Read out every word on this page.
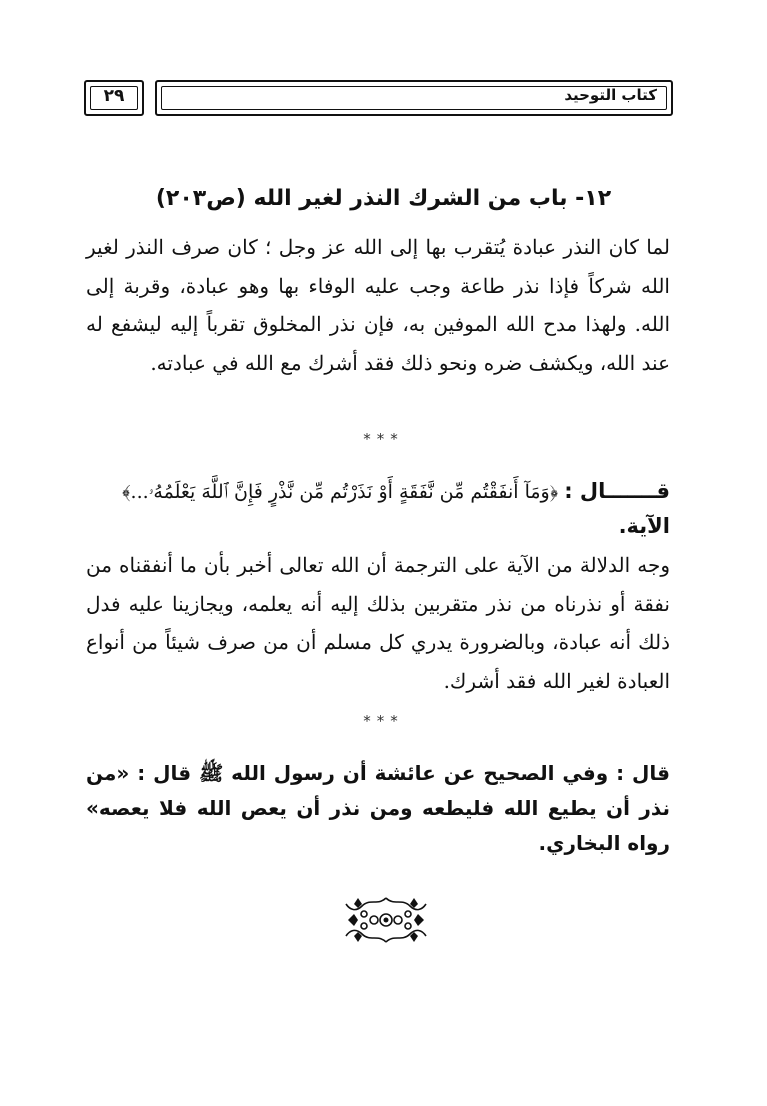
كتاب التوحيد
٢٩
١٢- باب من الشرك النذر لغير الله (ص٢٠٣)
لما كان النذر عبادة يُتقرب بها إلى الله عز وجل ؛ كان صرف النذر لغير الله شركاً فإذا نذر طاعة وجب عليه الوفاء بها وهو عبادة، وقربة إلى الله. ولهذا مدح الله الموفين به، فإن نذر المخلوق تقرباً إليه ليشفع له عند الله، ويكشف ضره ونحو ذلك فقد أشرك مع الله في عبادته.
***
قـــــــال : ﴿وَمَآ أَنفَقْتُم مِّن نَّفَقَةٍ أَوْ نَذَرْتُم مِّن نَّذْرٍ فَإِنَّ ٱللَّهَ يَعْلَمُهُۥ...﴾ الآية.
وجه الدلالة من الآية على الترجمة أن الله تعالى أخبر بأن ما أنفقناه من نفقة أو نذرناه من نذر متقربين بذلك إليه أنه يعلمه، ويجازينا عليه فدل ذلك أنه عبادة، وبالضرورة يدري كل مسلم أن من صرف شيئاً من أنواع العبادة لغير الله فقد أشرك.
***
قال : وفي الصحيح عن عائشة أن رسول الله ﷺ قال : «من نذر أن يطيع الله فليطعه ومن نذر أن يعص الله فلا يعصه» رواه البخاري.
